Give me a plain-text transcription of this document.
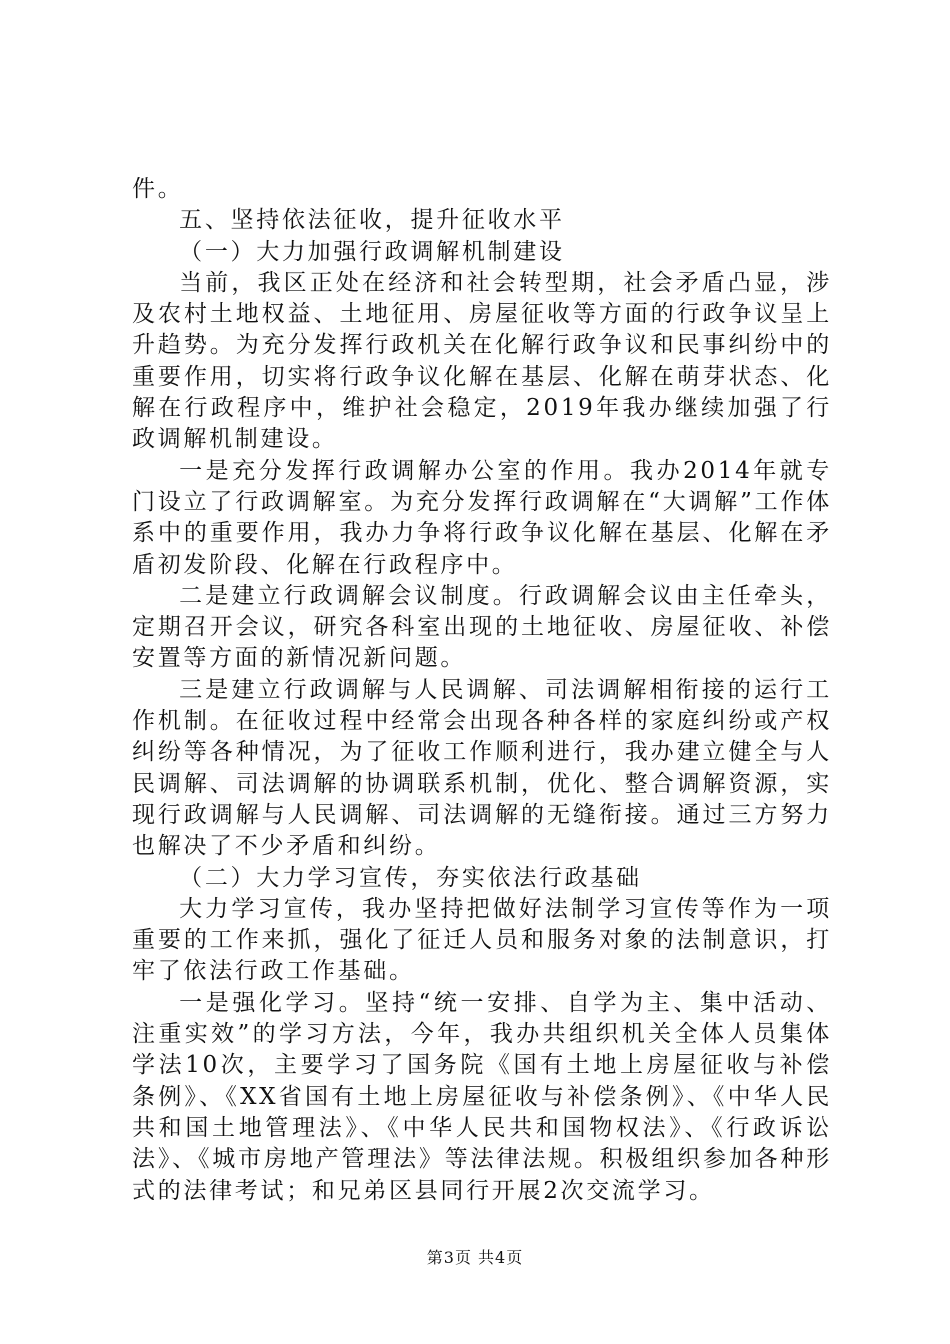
件。

五、坚持依法征收，提升征收水平

（一）大力加强行政调解机制建设

当前，我区正处在经济和社会转型期，社会矛盾凸显，涉及农村土地权益、土地征用、房屋征收等方面的行政争议呈上升趋势。为充分发挥行政机关在化解行政争议和民事纠纷中的重要作用，切实将行政争议化解在基层、化解在萌芽状态、化解在行政程序中，维护社会稳定，2019年我办继续加强了行政调解机制建设。

一是充分发挥行政调解办公室的作用。我办2014年就专门设立了行政调解室。为充分发挥行政调解在“大调解”工作体系中的重要作用，我办力争将行政争议化解在基层、化解在矛盾初发阶段、化解在行政程序中。

二是建立行政调解会议制度。行政调解会议由主任牵头，定期召开会议，研究各科室出现的土地征收、房屋征收、补偿安置等方面的新情况新问题。

三是建立行政调解与人民调解、司法调解相衔接的运行工作机制。在征收过程中经常会出现各种各样的家庭纠纷或产权纠纷等各种情况，为了征收工作顺利进行，我办建立健全与人民调解、司法调解的协调联系机制，优化、整合调解资源，实现行政调解与人民调解、司法调解的无缝衔接。通过三方努力也解决了不少矛盾和纠纷。

（二）大力学习宣传，夯实依法行政基础

大力学习宣传，我办坚持把做好法制学习宣传等作为一项重要的工作来抓，强化了征迁人员和服务对象的法制意识，打牢了依法行政工作基础。

一是强化学习。坚持“统一安排、自学为主、集中活动、注重实效”的学习方法，今年，我办共组织机关全体人员集体学法10次，主要学习了国务院《国有土地上房屋征收与补偿条例》、《XX省国有土地上房屋征收与补偿条例》、《中华人民共和国土地管理法》、《中华人民共和国物权法》、《行政诉讼法》、《城市房地产管理法》等法律法规。积极组织参加各种形式的法律考试；和兄弟区县同行开展2次交流学习。

第3页 共4页
